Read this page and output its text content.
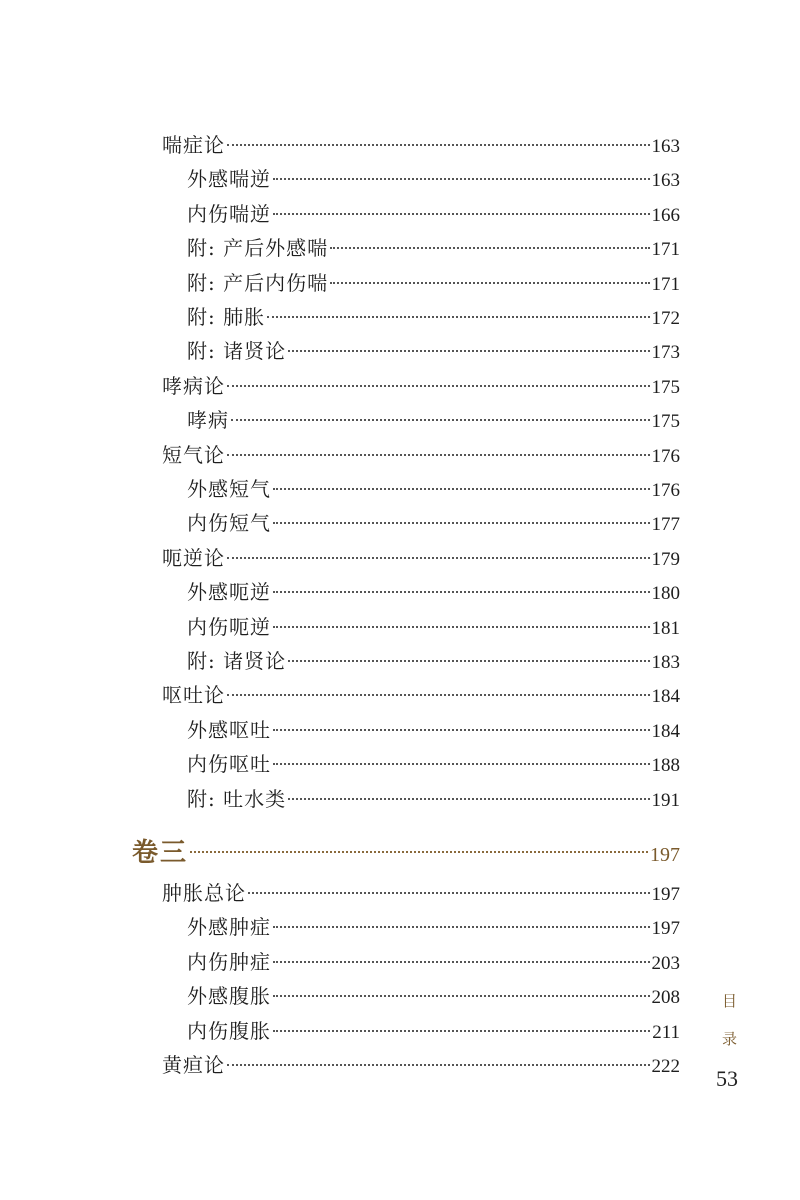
喘症论	163
外感喘逆	163
内伤喘逆	166
附: 产后外感喘	171
附: 产后内伤喘	171
附: 肺胀	172
附: 诸贤论	173
哮病论	175
哮病	175
短气论	176
外感短气	176
内伤短气	177
呃逆论	179
外感呃逆	180
内伤呃逆	181
附: 诸贤论	183
呕吐论	184
外感呕吐	184
内伤呕吐	188
附: 吐水类	191
卷三	197
肿胀总论	197
外感肿症	197
内伤肿症	203
外感腹胀	208
内伤腹胀	211
黄疸论	222
目
录
53
